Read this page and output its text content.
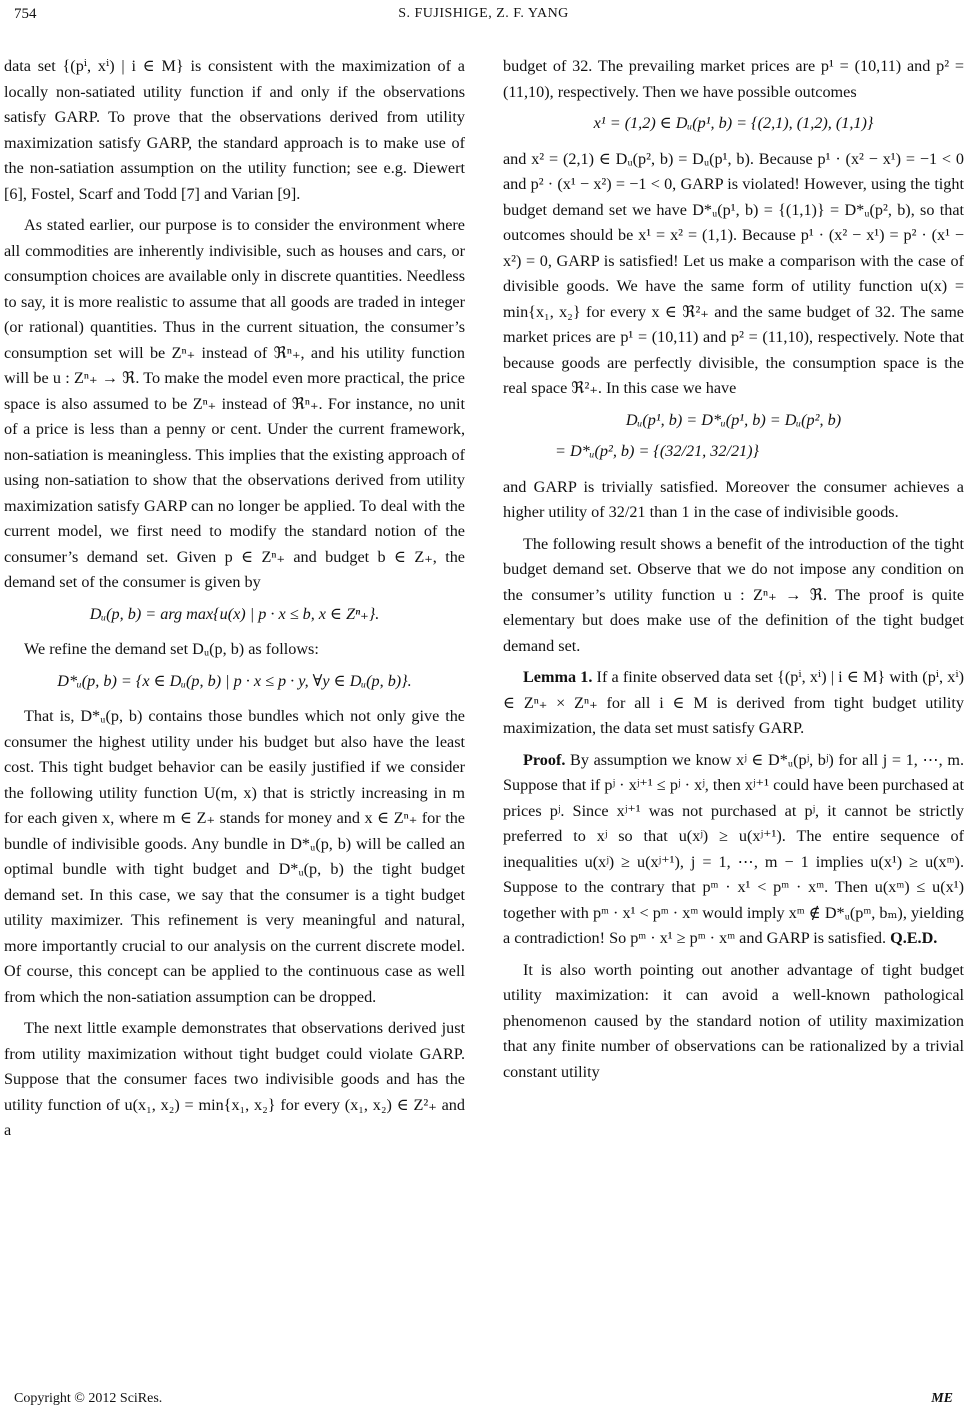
754	S. FUJISHIGE, Z. F. YANG

data set {(pⁱ, xⁱ) | i ∈ M} is consistent with the maximization of a locally non-satiated utility function if and only if the observations satisfy GARP. To prove that the observations derived from utility maximization satisfy GARP, the standard approach is to make use of the non-satiation assumption on the utility function; see e.g. Diewert [6], Fostel, Scarf and Todd [7] and Varian [9].

As stated earlier, our purpose is to consider the environment where all commodities are inherently indivisible, such as houses and cars, or consumption choices are available only in discrete quantities. Needless to say, it is more realistic to assume that all goods are traded in integer (or rational) quantities. Thus in the current situation, the consumer’s consumption set will be Zⁿ₊ instead of ℜⁿ₊, and his utility function will be u : Zⁿ₊ → ℜ. To make the model even more practical, the price space is also assumed to be Zⁿ₊ instead of ℜⁿ₊. For instance, no unit of a price is less than a penny or cent. Under the current framework, non-satiation is meaningless. This implies that the existing approach of using non-satiation to show that the observations derived from utility maximization satisfy GARP can no longer be applied. To deal with the current model, we first need to modify the standard notion of the consumer’s demand set. Given p ∈ Zⁿ₊ and budget b ∈ Z₊, the demand set of the consumer is given by

Dᵤ(p, b) = arg max{u(x) | p · x ≤ b, x ∈ Zⁿ₊}.

We refine the demand set Dᵤ(p, b) as follows:

D*ᵤ(p, b) = {x ∈ Dᵤ(p, b) | p · x ≤ p · y, ∀y ∈ Dᵤ(p, b)}.

That is, D*ᵤ(p, b) contains those bundles which not only give the consumer the highest utility under his budget but also have the least cost. This tight budget behavior can be easily justified if we consider the following utility function U(m, x) that is strictly increasing in m for each given x, where m ∈ Z₊ stands for money and x ∈ Zⁿ₊ for the bundle of indivisible goods. Any bundle in D*ᵤ(p, b) will be called an optimal bundle with tight budget and D*ᵤ(p, b) the tight budget demand set. In this case, we say that the consumer is a tight budget utility maximizer. This refinement is very meaningful and natural, more importantly crucial to our analysis on the current discrete model. Of course, this concept can be applied to the continuous case as well from which the non-satiation assumption can be dropped.

The next little example demonstrates that observations derived just from utility maximization without tight budget could violate GARP. Suppose that the consumer faces two indivisible goods and has the utility function of u(x₁, x₂) = min{x₁, x₂} for every (x₁, x₂) ∈ Z²₊ and a

budget of 32. The prevailing market prices are p¹ = (10,11) and p² = (11,10), respectively. Then we have possible outcomes

x¹ = (1,2) ∈ Dᵤ(p¹, b) = {(2,1), (1,2), (1,1)}

and x² = (2,1) ∈ Dᵤ(p², b) = Dᵤ(p¹, b). Because p¹ · (x² − x¹) = −1 < 0 and p² · (x¹ − x²) = −1 < 0, GARP is violated! However, using the tight budget demand set we have D*ᵤ(p¹, b) = {(1,1)} = D*ᵤ(p², b), so that outcomes should be x¹ = x² = (1,1). Because p¹ · (x² − x¹) = p² · (x¹ − x²) = 0, GARP is satisfied! Let us make a comparison with the case of divisible goods. We have the same form of utility function u(x) = min{x₁, x₂} for every x ∈ ℜ²₊ and the same budget of 32. The same market prices are p¹ = (10,11) and p² = (11,10), respectively. Note that because goods are perfectly divisible, the consumption space is the real space ℜ²₊. In this case we have

Dᵤ(p¹, b) = D*ᵤ(p¹, b) = Dᵤ(p², b)
= D*ᵤ(p², b) = {(32/21, 32/21)}

and GARP is trivially satisfied. Moreover the consumer achieves a higher utility of 32/21 than 1 in the case of indivisible goods.

The following result shows a benefit of the introduction of the tight budget demand set. Observe that we do not impose any condition on the consumer’s utility function u : Zⁿ₊ → ℜ. The proof is quite elementary but does make use of the definition of the tight budget demand set.

Lemma 1. If a finite observed data set {(pⁱ, xⁱ) | i ∈ M} with (pⁱ, xⁱ) ∈ Zⁿ₊ × Zⁿ₊ for all i ∈ M is derived from tight budget utility maximization, the data set must satisfy GARP.

Proof. By assumption we know xʲ ∈ D*ᵤ(pʲ, bʲ) for all j = 1, ⋯, m. Suppose that if pʲ · xʲ⁺¹ ≤ pʲ · xʲ, then xʲ⁺¹ could have been purchased at prices pʲ. Since xʲ⁺¹ was not purchased at pʲ, it cannot be strictly preferred to xʲ so that u(xʲ) ≥ u(xʲ⁺¹). The entire sequence of inequalities u(xʲ) ≥ u(xʲ⁺¹), j = 1, ⋯, m − 1 implies u(x¹) ≥ u(xᵐ). Suppose to the contrary that pᵐ · x¹ < pᵐ · xᵐ. Then u(xᵐ) ≤ u(x¹) together with pᵐ · x¹ < pᵐ · xᵐ would imply xᵐ ∉ D*ᵤ(pᵐ, bₘ), yielding a contradiction! So pᵐ · x¹ ≥ pᵐ · xᵐ and GARP is satisfied. Q.E.D.

It is also worth pointing out another advantage of tight budget utility maximization: it can avoid a well-known pathological phenomenon caused by the standard notion of utility maximization that any finite number of observations can be rationalized by a trivial constant utility

Copyright © 2012 SciRes.	ME
